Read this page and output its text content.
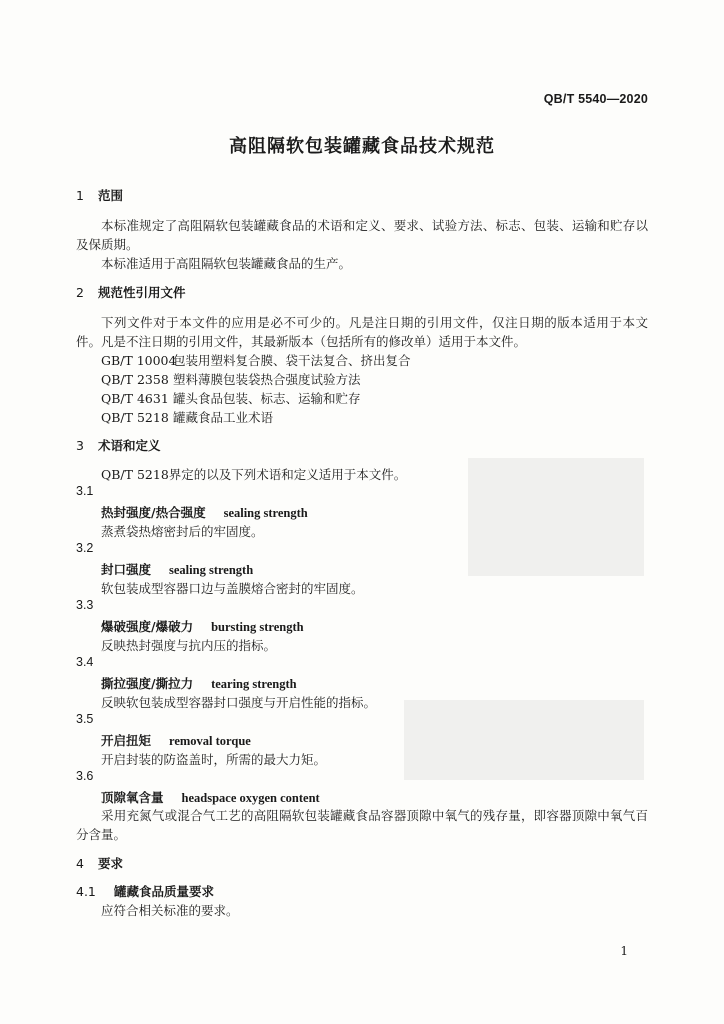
QB/T 5540—2020
高阻隔软包装罐藏食品技术规范
1 范围
本标准规定了高阻隔软包装罐藏食品的术语和定义、要求、试验方法、标志、包装、运输和贮存以及保质期。
本标准适用于高阻隔软包装罐藏食品的生产。
2 规范性引用文件
下列文件对于本文件的应用是必不可少的。凡是注日期的引用文件，仅注日期的版本适用于本文件。凡是不注日期的引用文件，其最新版本（包括所有的修改单）适用于本文件。
GB/T 10004包装用塑料复合膜、袋干法复合、挤出复合
QB/T 2358 塑料薄膜包装袋热合强度试验方法
QB/T 4631 罐头食品包装、标志、运输和贮存
QB/T 5218 罐藏食品工业术语
3 术语和定义
QB/T 5218界定的以及下列术语和定义适用于本文件。
3.1
热封强度/热合强度 sealing strength
蒸煮袋热熔密封后的牢固度。
3.2
封口强度 sealing strength
软包装成型容器口边与盖膜熔合密封的牢固度。
3.3
爆破强度/爆破力 bursting strength
反映热封强度与抗内压的指标。
3.4
撕拉强度/撕拉力 tearing strength
反映软包装成型容器封口强度与开启性能的指标。
3.5
开启扭矩 removal torque
开启封装的防盗盖时，所需的最大力矩。
3.6
顶隙氧含量 headspace oxygen content
采用充氮气或混合气工艺的高阻隔软包装罐藏食品容器顶隙中氧气的残存量，即容器顶隙中氧气百分含量。
4 要求
4.1 罐藏食品质量要求
应符合相关标准的要求。
1
